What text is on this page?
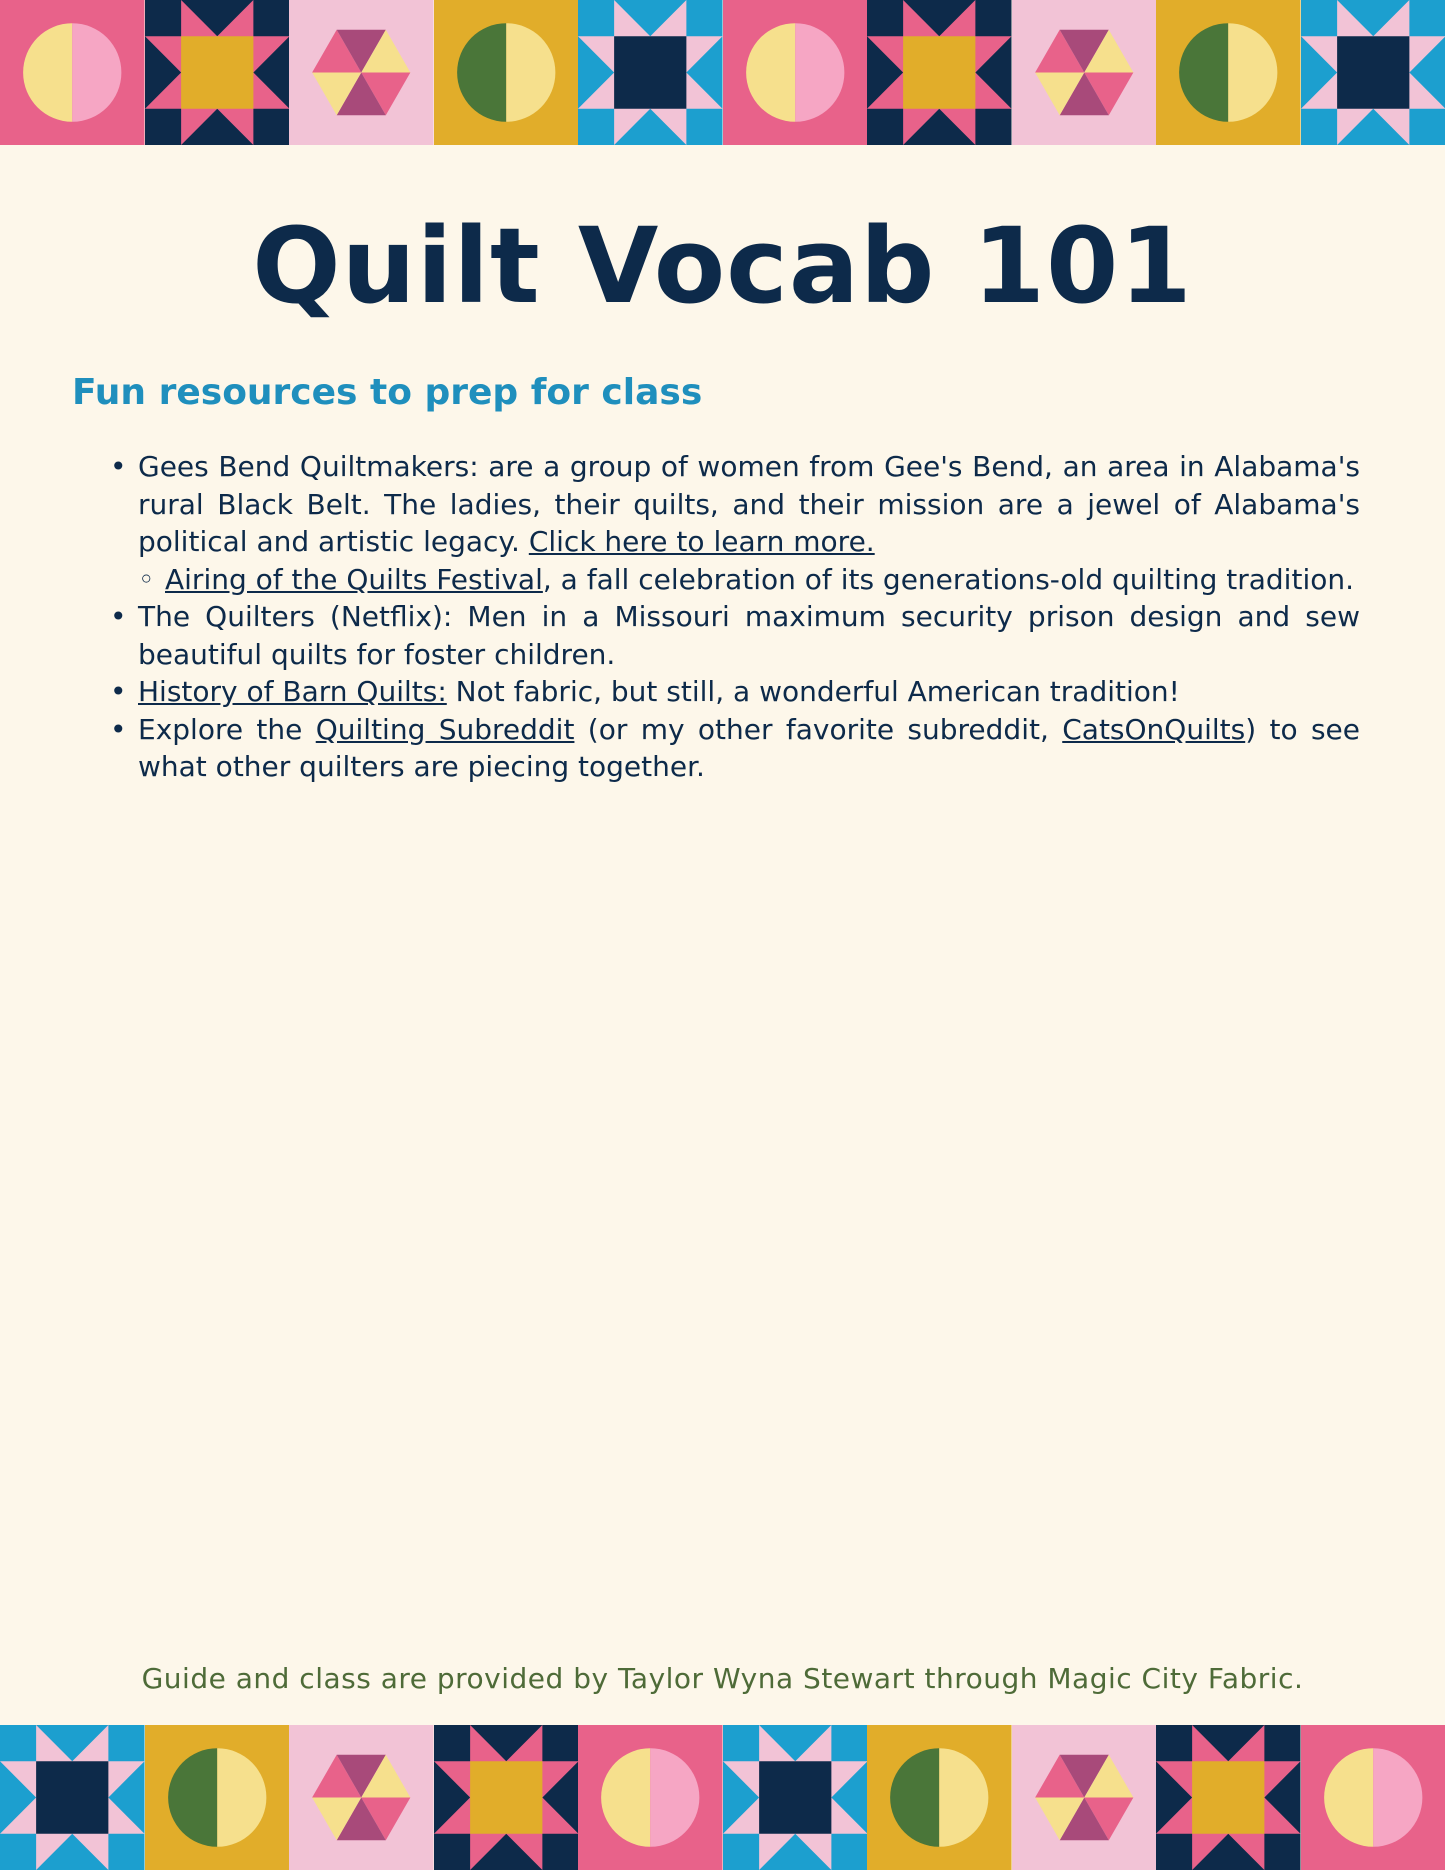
Quilt Vocab 101
Fun resources to prep for class
• Gees Bend Quiltmakers: are a group of women from Gee's Bend, an area in Alabama's rural Black Belt. The ladies, their quilts, and their mission are a jewel of Alabama's political and artistic legacy. Click here to learn more.
◦ Airing of the Quilts Festival, a fall celebration of its generations-old quilting tradition.
• The Quilters (Netflix): Men in a Missouri maximum security prison design and sew beautiful quilts for foster children.
• History of Barn Quilts: Not fabric, but still, a wonderful American tradition!
• Explore the Quilting Subreddit (or my other favorite subreddit, CatsOnQuilts) to see what other quilters are piecing together.

Guide and class are provided by Taylor Wyna Stewart through Magic City Fabric.
